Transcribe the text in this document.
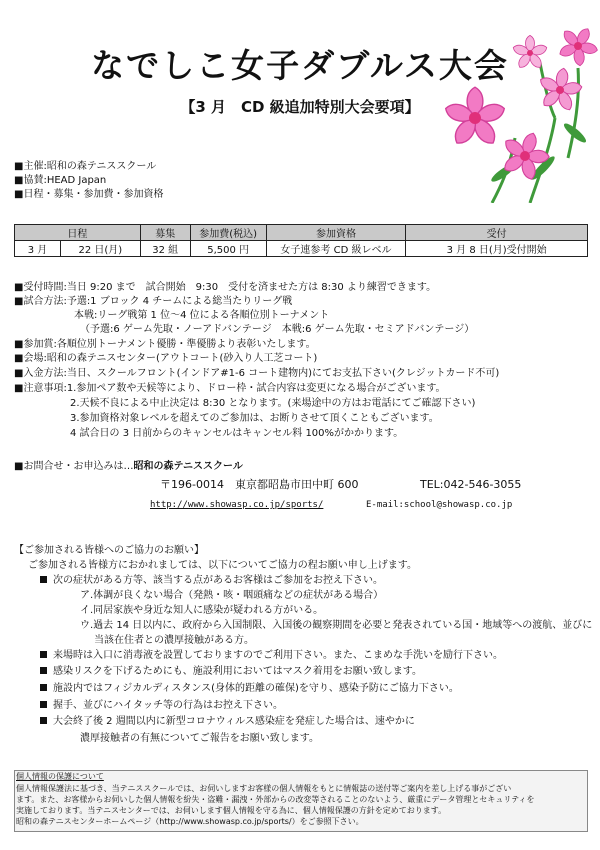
なでしこ女子ダブルス大会
【3 月　CD 級追加特別大会要項】
■主催:昭和の森テニススクール
■協賛:HEAD Japan
■日程・募集・参加費・参加資格
日程		募集	参加費(税込)	参加資格	受付
3 月	22 日(月)	32 組	5,500 円	女子連参考 CD 級レベル	3 月 8 日(月)受付開始
■受付時間:当日 9:20 まで　試合開始　9:30　受付を済ませた方は 8:30 より練習できます。
■試合方法:予選:1 ブロック 4 チームによる総当たりリーグ戦
本戦:リーグ戦第 1 位～4 位による各順位別トーナメント
（予選:6 ゲーム先取・ノーアドバンテージ　本戦:6 ゲーム先取・セミアドバンテージ）
■参加賞:各順位別トーナメント優勝・準優勝より表彰いたします。
■会場:昭和の森テニスセンター(アウトコート(砂入り人工芝コート)
■入金方法:当日、スクールフロント(インドア#1-6 コート建物内)にてお支払下さい(クレジットカード不可)
■注意事項:1.参加ペア数や天候等により、ドロー枠・試合内容は変更になる場合がございます。
2.天候不良による中止決定は 8:30 となります。(来場途中の方はお電話にてご確認下さい)
3.参加資格対象レベルを超えてのご参加は、お断りさせて頂くこともございます。
4 試合日の 3 日前からのキャンセルはキャンセル料 100%がかかります。
■お問合せ・お申込みは…昭和の森テニススクール
〒196-0014　東京都昭島市田中町 600	TEL:042-546-3055
http://www.showasp.co.jp/sports/	E-mail:school@showasp.co.jp
【ご参加される皆様へのご協力のお願い】
ご参加される皆様方におかれましては、以下についてご協力の程お願い申し上げます。
次の症状がある方等、該当する点があるお客様はご参加をお控え下さい。
ア.体調が良くない場合（発熱・咳・咽頭痛などの症状がある場合）
イ.同居家族や身近な知人に感染が疑われる方がいる。
ウ.過去 14 日以内に、政府から入国制限、入国後の観察期間を必要と発表されている国・地域等への渡航、並びに
当該在住者との濃厚接触がある方。
来場時は入口に消毒液を設置しておりますのでご利用下さい。また、こまめな手洗いを励行下さい。
感染リスクを下げるためにも、施設利用においてはマスク着用をお願い致します。
施設内ではフィジカルディスタンス(身体的距離の確保)を守り、感染予防にご協力下さい。
握手、並びにハイタッチ等の行為はお控え下さい。
大会終了後 2 週間以内に新型コロナウィルス感染症を発症した場合は、速やかに
濃厚接触者の有無についてご報告をお願い致します。
個人情報の保護について
個人情報保護法に基づき、当テニススクールでは、お伺いしますお客様の個人情報をもとに情報誌の送付等ご案内を差し上げる事がござい
ます。また、お客様からお伺いした個人情報を紛失・盗難・漏洩・外部からの改変等されることのないよう、厳重にデータ管理とセキュリティを
実施しております。当テニスセンターでは、お伺いします個人情報を守る為に、個人情報保護の方針を定めております。
昭和の森テニスセンターホームページ（http://www.showasp.co.jp/sports/）をご参照下さい。
